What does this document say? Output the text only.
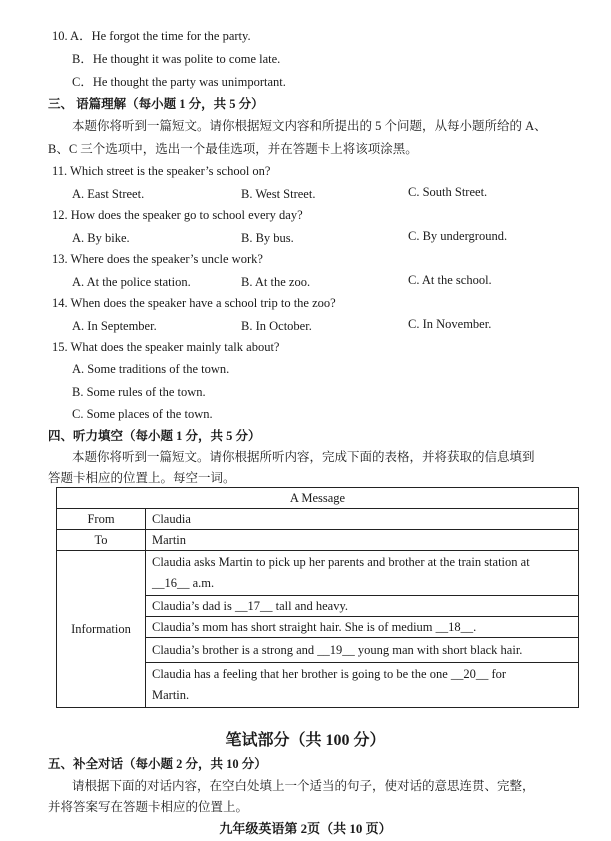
10. A．He forgot the time for the party.
B．He thought it was polite to come late.
C．He thought the party was unimportant.
三、 语篇理解（每小题 1 分，共 5 分）
本题你将听到一篇短文。请你根据短文内容和所提出的 5 个问题，从每小题所给的 A、
B、C 三个选项中，选出一个最佳选项，并在答题卡上将该项涂黑。
11. Which street is the speaker’s school on?
A. East Street.	B. West Street.	C. South Street.
12. How does the speaker go to school every day?
A. By bike.	B. By bus.	C. By underground.
13. Where does the speaker’s uncle work?
A. At the police station.	B. At the zoo.	C. At the school.
14. When does the speaker have a school trip to the zoo?
A. In September.	B. In October.	C. In November.
15. What does the speaker mainly talk about?
A. Some traditions of the town.
B. Some rules of the town.
C. Some places of the town.
四、听力填空（每小题 1 分，共 5 分）
本题你将听到一篇短文。请你根据所听内容，完成下面的表格，并将获取的信息填到
答题卡相应的位置上。每空一词。
A Message	
From	Claudia
To	Martin
Information	Claudia asks Martin to pick up her parents and brother at the train station at
__16__ a.m.

	Claudia’s dad is __17__ tall and heavy.
	Claudia’s mom has short straight hair. She is of medium __18__.
	Claudia’s brother is a strong and __19__ young man with short black hair.

	Claudia has a feeling that her brother is going to be the one __20__ for
Martin.
笔试部分（共 100 分）
五、补全对话（每小题 2 分，共 10 分）
请根据下面的对话内容，在空白处填上一个适当的句子，使对话的意思连贯、完整，
并将答案写在答题卡相应的位置上。
九年级英语第 2页（共 10 页）
